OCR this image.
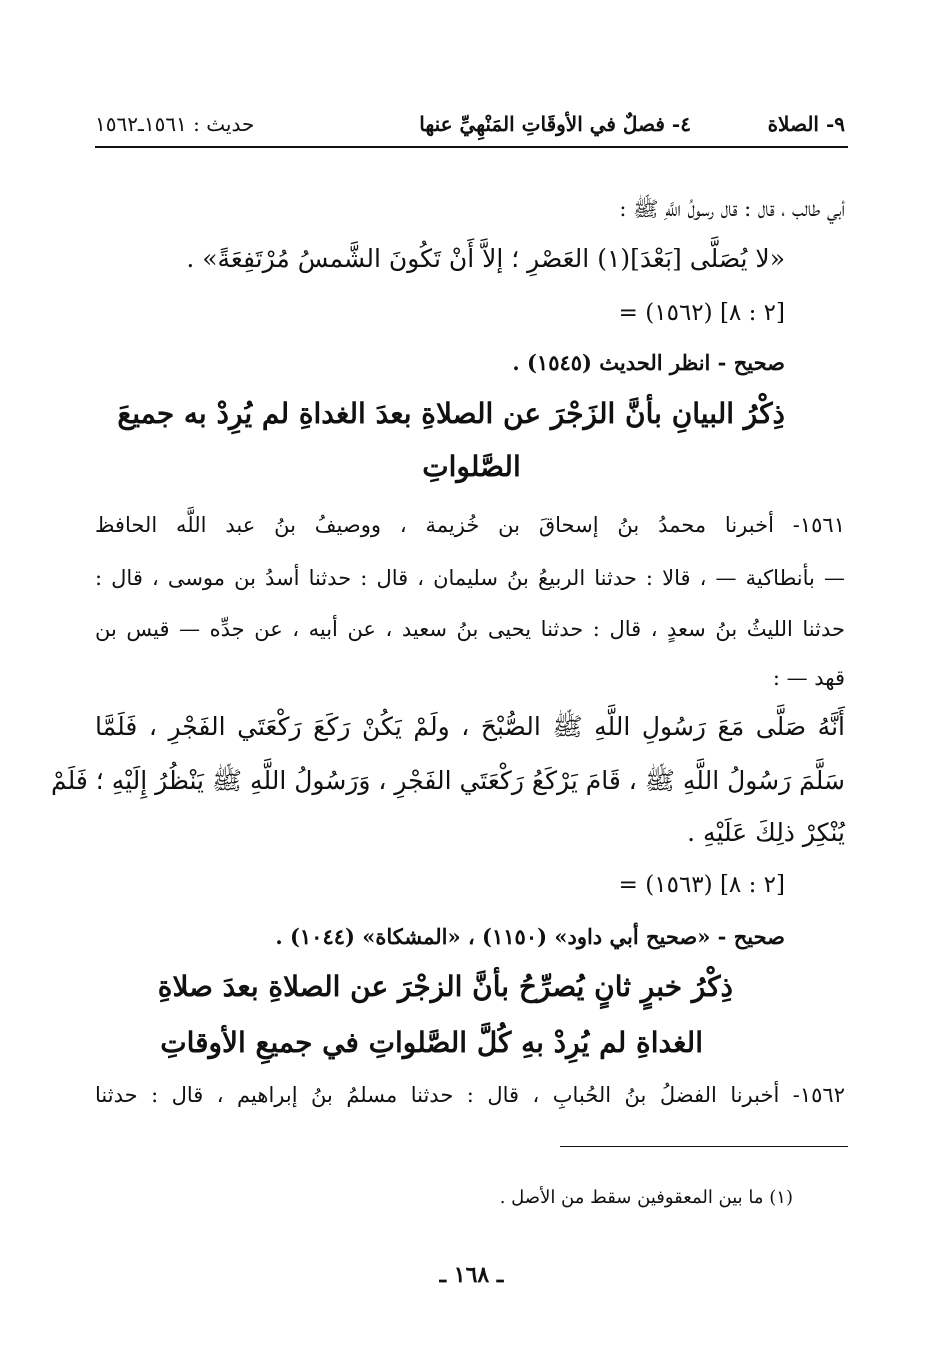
٩- الصلاة           ٤- فصلٌ في الأوقَاتِ المَنْهِيِّ عنها
حديث : ١٥٦١ـ١٥٦٢
أبي طالب ، قال : قال رسولُ اللَّهِ ﷺ :
«لا يُصَلَّى [بَعْدَ](١) العَصْرِ ؛ إلاَّ أَنْ تَكُونَ الشَّمسُ مُرْتَفِعَةً» .
= (١٥٦٢) [٢ : ٨]
صحيح - انظر الحديث (١٥٤٥) .
ذِكْرُ البيانِ بأنَّ الزَجْرَ عن الصلاةِ بعدَ الغداةِ لم يُرِدْ به جميعَ
الصَّلواتِ
١٥٦١- أخبرنا محمدُ بنُ إسحاقَ بن خُزيمة ، ووصيفُ بنُ عبد اللَّه الحافظ
— بأنطاكية — ، قالا : حدثنا الربيعُ بنُ سليمان ، قال : حدثنا أسدُ بن موسى ، قال :
حدثنا الليثُ بنُ سعدٍ ، قال : حدثنا يحيى بنُ سعيد ، عن أبيه ، عن جدِّه — قيس بن
قهد — :
أَنَّهُ صَلَّى مَعَ رَسُولِ اللَّهِ ﷺ الصُّبْحَ ، ولَمْ يَكُنْ رَكَعَ رَكْعَتَي الفَجْرِ ، فَلَمَّا
سَلَّمَ رَسُولُ اللَّهِ ﷺ ، قَامَ يَرْكَعُ رَكْعَتَي الفَجْرِ ، وَرَسُولُ اللَّهِ ﷺ يَنْظُرُ إِلَيْهِ ؛ فَلَمْ
يُنْكِرْ ذلِكَ عَلَيْهِ .
= (١٥٦٣) [٢ : ٨]
صحيح - «صحيح أبي داود» (١١٥٠) ، «المشكاة» (١٠٤٤) .
ذِكْرُ خبرٍ ثانٍ يُصرِّحُ بأنَّ الزجْرَ عن الصلاةِ بعدَ صلاةِ
الغداةِ لم يُرِدْ بهِ كُلَّ الصَّلواتِ في جميعِ الأوقاتِ
١٥٦٢- أخبرنا الفضلُ بنُ الحُبابِ ، قال : حدثنا مسلمُ بنُ إبراهيم ، قال : حدثنا
(١) ما بين المعقوفين سقط من الأصل .
ـ ١٦٨ ـ
